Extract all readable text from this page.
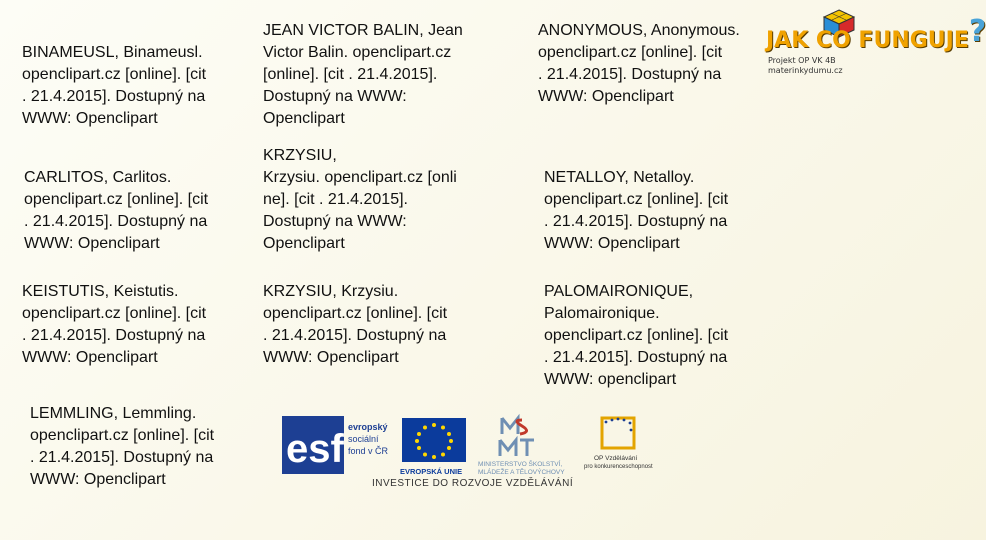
BINAMEUSL, Binameusl.
openclipart.cz [online]. [cit
. 21.4.2015]. Dostupný na
WWW: Openclipart

JEAN VICTOR BALIN, Jean
Victor Balin. openclipart.cz
[online]. [cit . 21.4.2015].
Dostupný na WWW:
Openclipart

ANONYMOUS, Anonymous.
openclipart.cz [online]. [cit
. 21.4.2015]. Dostupný na
WWW: Openclipart

CARLITOS, Carlitos.
openclipart.cz [online]. [cit
. 21.4.2015]. Dostupný na
WWW: Openclipart

KRZYSIU,
Krzysiu. openclipart.cz [onli
ne]. [cit . 21.4.2015].
Dostupný na WWW:
Openclipart

NETALLOY, Netalloy.
openclipart.cz [online]. [cit
. 21.4.2015]. Dostupný na
WWW: Openclipart

KEISTUTIS, Keistutis.
openclipart.cz [online]. [cit
. 21.4.2015]. Dostupný na
WWW: Openclipart

KRZYSIU, Krzysiu.
openclipart.cz [online]. [cit
. 21.4.2015]. Dostupný na
WWW: Openclipart

PALOMAIRONIQUE,
Palomaironique.
openclipart.cz [online]. [cit
. 21.4.2015]. Dostupný na
WWW: openclipart

LEMMLING, Lemmling.
openclipart.cz [online]. [cit
. 21.4.2015]. Dostupný na
WWW: Openclipart

JAK CO FUNGUJE?
Projekt OP VK 4B
materinkydumu.cz
esf evropský
sociální
fond v ČR
EVROPSKÁ UNIE
MINISTERSTVO ŠKOLSTVÍ,
MLÁDEŽE A TĚLOVÝCHOVY
OP Vzdělávání
pro konkurenceschopnost
INVESTICE DO ROZVOJE VZDĚLÁVÁNÍ
